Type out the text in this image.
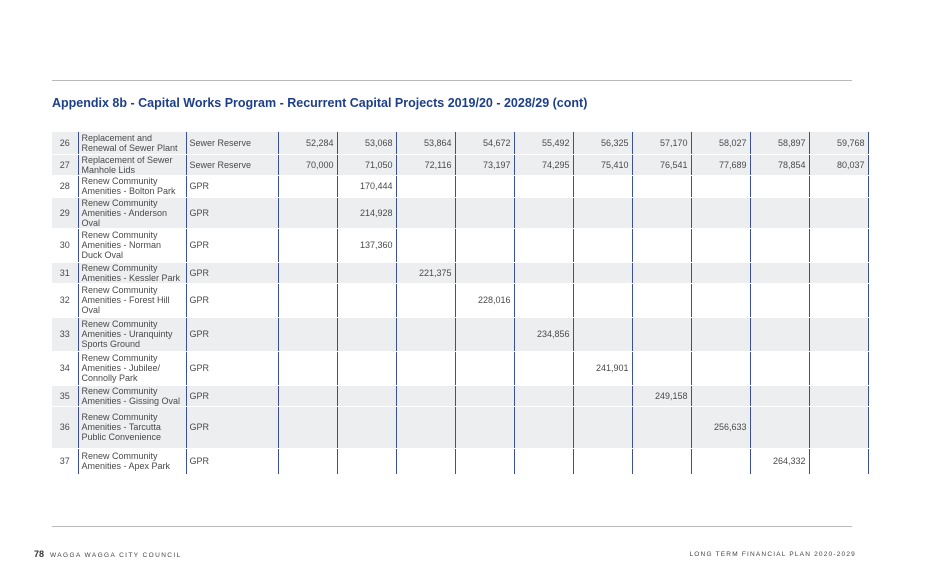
Appendix 8b - Capital Works Program - Recurrent Capital Projects 2019/20 - 2028/29 (cont)
26	Replacement and Renewal of Sewer Plant	Sewer Reserve	52,284	53,068	53,864	54,672	55,492	56,325	57,170	58,027	58,897	59,768
27	Replacement of Sewer Manhole Lids	Sewer Reserve	70,000	71,050	72,116	73,197	74,295	75,410	76,541	77,689	78,854	80,037
28	Renew Community Amenities - Bolton Park	GPR		170,444								
29	Renew Community Amenities - Anderson Oval	GPR		214,928								
30	Renew Community Amenities - Norman Duck Oval	GPR		137,360								
31	Renew Community Amenities - Kessler Park	GPR			221,375							
32	Renew Community Amenities - Forest Hill Oval	GPR				228,016						
33	Renew Community Amenities - Uranquinty Sports Ground	GPR					234,856					
34	Renew Community Amenities - Jubilee/ Connolly Park	GPR						241,901				
35	Renew Community Amenities - Gissing Oval	GPR							249,158			
36	Renew Community Amenities - Tarcutta Public Convenience	GPR								256,633		
37	Renew Community Amenities - Apex Park	GPR									264,332	
78 WAGGA WAGGA CITY COUNCIL	LONG TERM FINANCIAL PLAN 2020-2029
